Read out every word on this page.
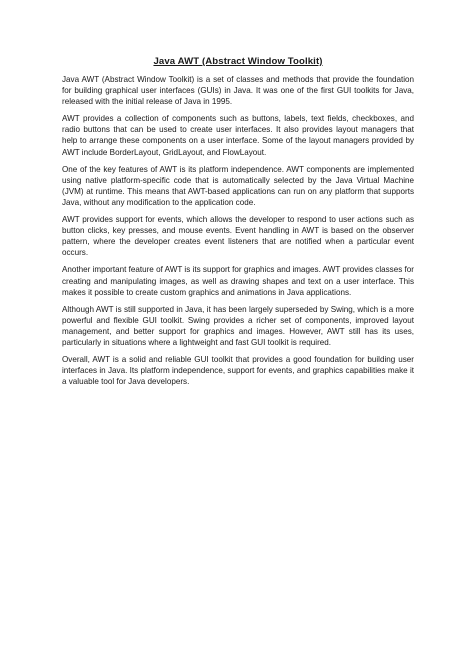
Java AWT (Abstract Window Toolkit)

Java AWT (Abstract Window Toolkit) is a set of classes and methods that provide the foundation for building graphical user interfaces (GUIs) in Java. It was one of the first GUI toolkits for Java, released with the initial release of Java in 1995.

AWT provides a collection of components such as buttons, labels, text fields, checkboxes, and radio buttons that can be used to create user interfaces. It also provides layout managers that help to arrange these components on a user interface. Some of the layout managers provided by AWT include BorderLayout, GridLayout, and FlowLayout.

One of the key features of AWT is its platform independence. AWT components are implemented using native platform-specific code that is automatically selected by the Java Virtual Machine (JVM) at runtime. This means that AWT-based applications can run on any platform that supports Java, without any modification to the application code.

AWT provides support for events, which allows the developer to respond to user actions such as button clicks, key presses, and mouse events. Event handling in AWT is based on the observer pattern, where the developer creates event listeners that are notified when a particular event occurs.

Another important feature of AWT is its support for graphics and images. AWT provides classes for creating and manipulating images, as well as drawing shapes and text on a user interface. This makes it possible to create custom graphics and animations in Java applications.

Although AWT is still supported in Java, it has been largely superseded by Swing, which is a more powerful and flexible GUI toolkit. Swing provides a richer set of components, improved layout management, and better support for graphics and images. However, AWT still has its uses, particularly in situations where a lightweight and fast GUI toolkit is required.

Overall, AWT is a solid and reliable GUI toolkit that provides a good foundation for building user interfaces in Java. Its platform independence, support for events, and graphics capabilities make it a valuable tool for Java developers.
